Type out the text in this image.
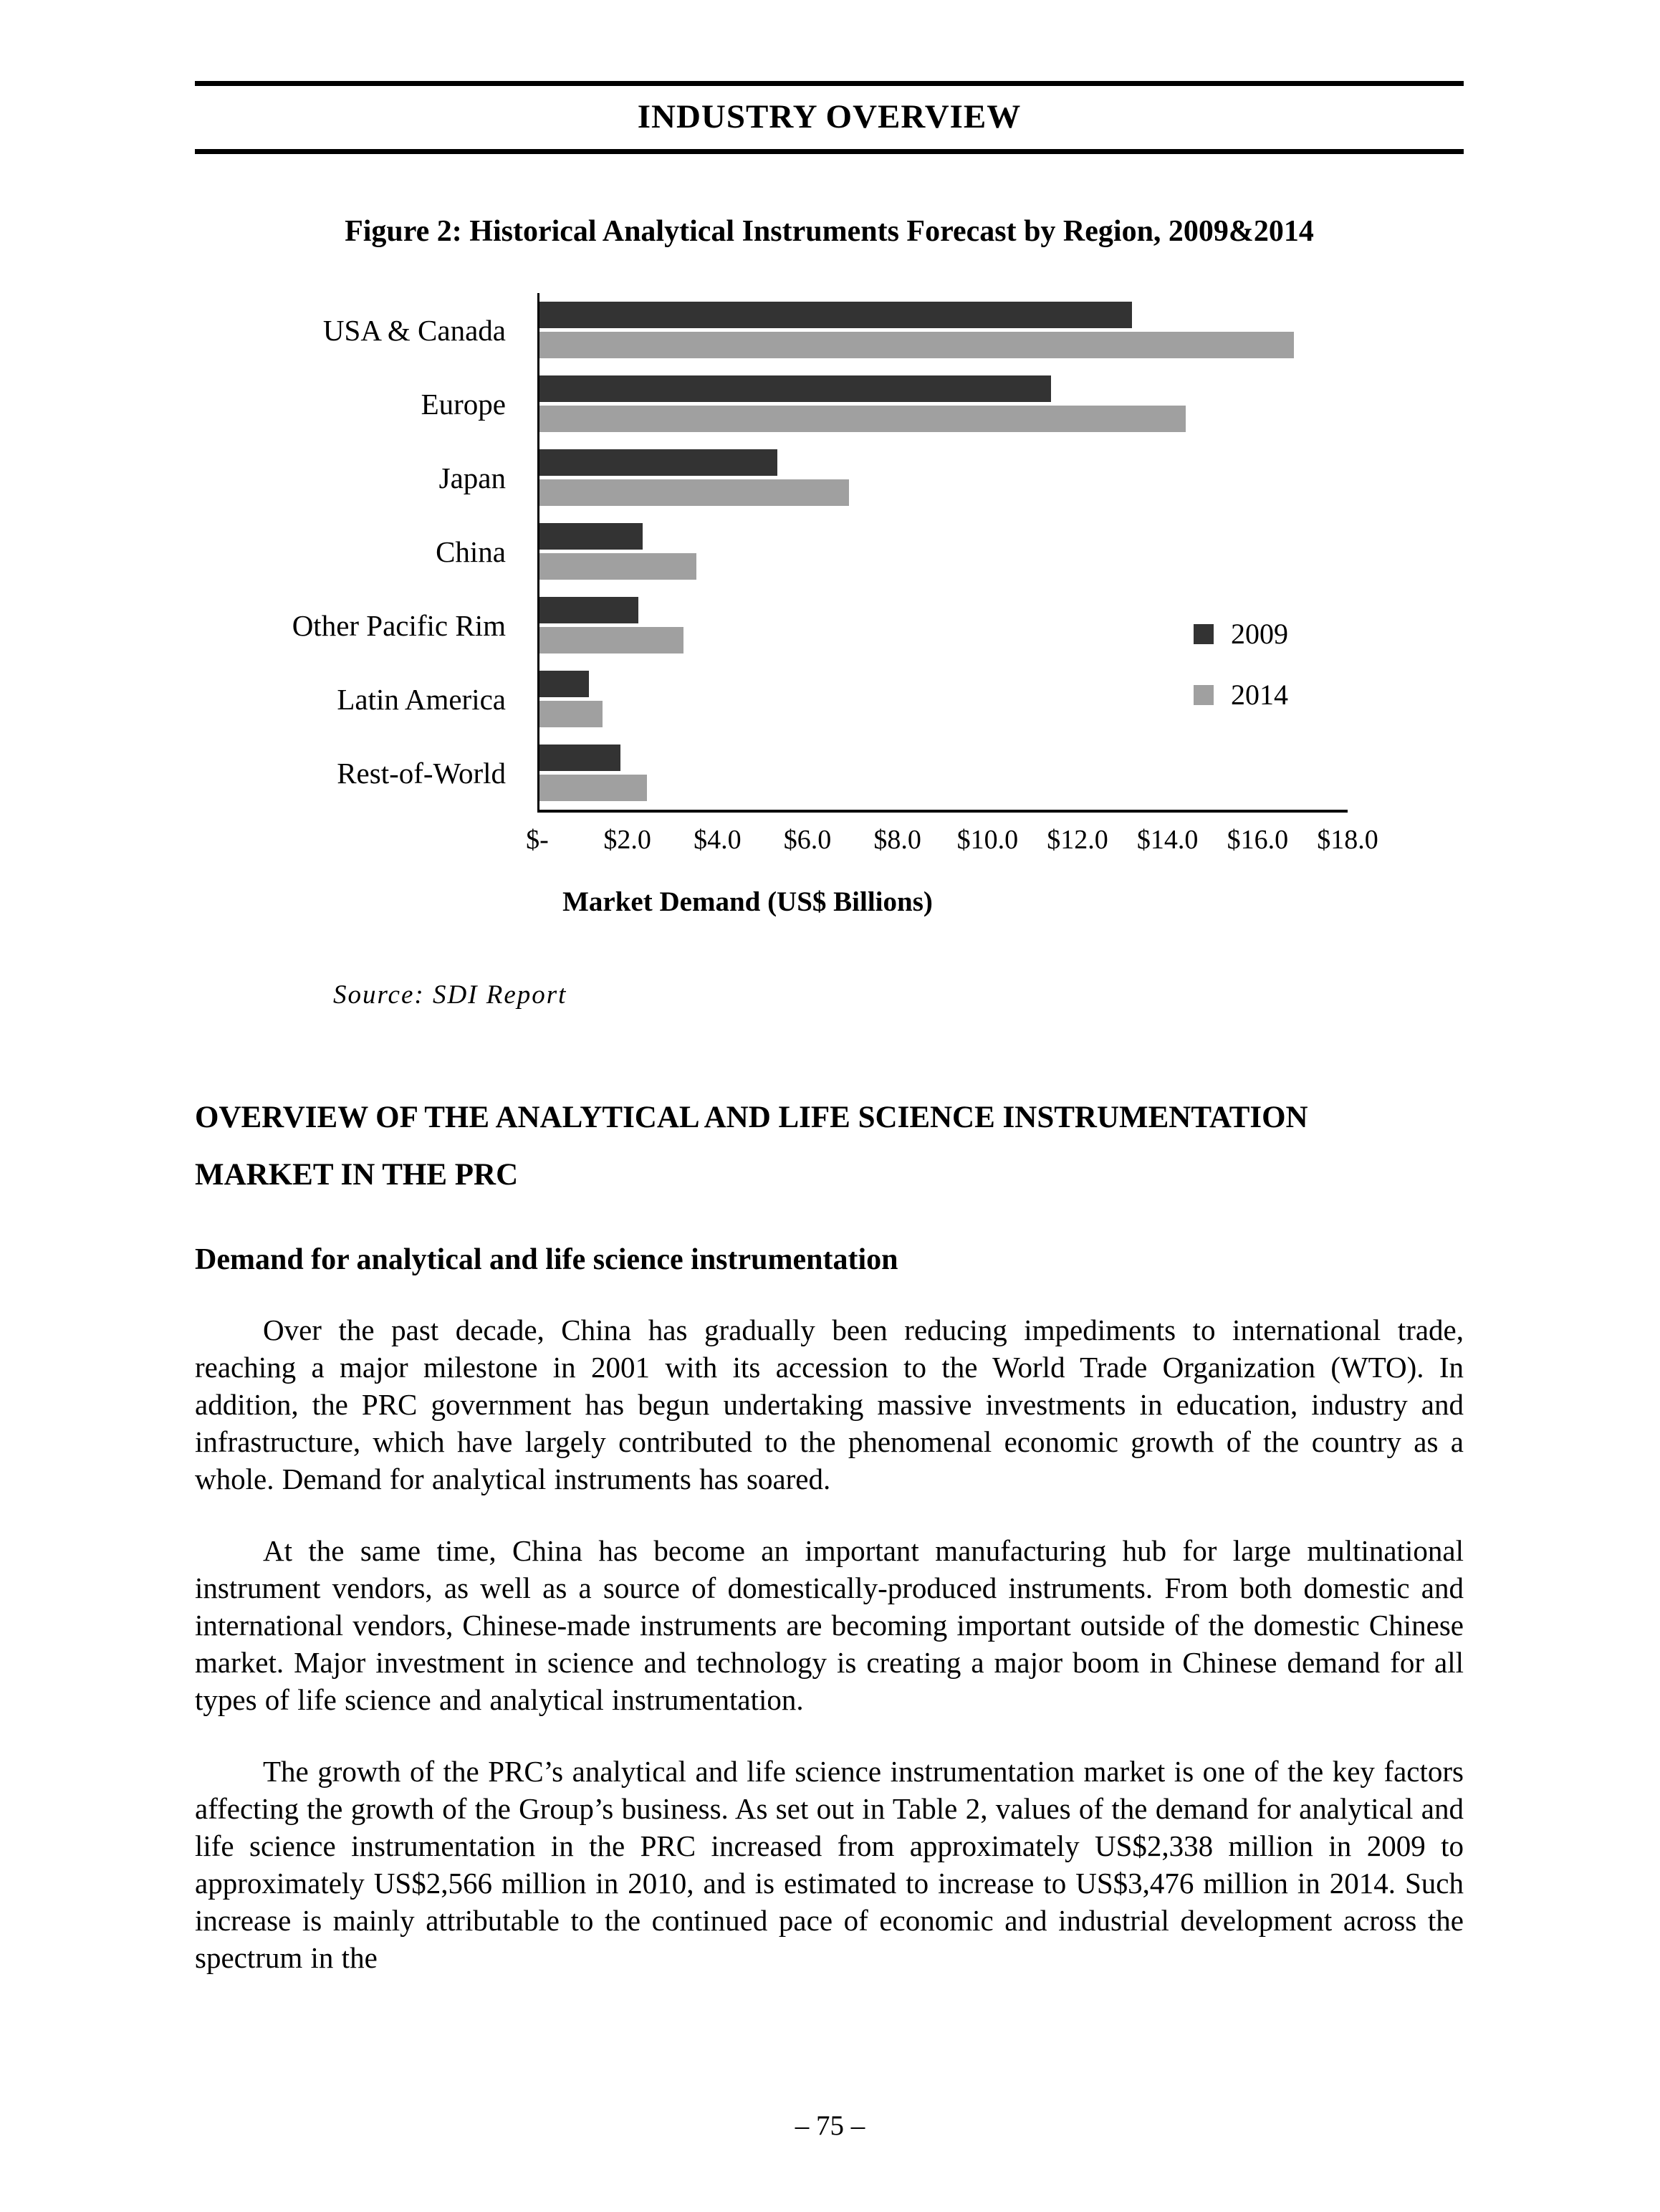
INDUSTRY OVERVIEW
Figure 2: Historical Analytical Instruments Forecast by Region, 2009&2014
USA & Canada
Europe
Japan
China
Other Pacific Rim
Latin America
Rest-of-World
$- $2.0 $4.0 $6.0 $8.0 $10.0 $12.0 $14.0 $16.0 $18.0
2009
2014
Market Demand (US$ Billions)
Source: SDI Report
OVERVIEW OF THE ANALYTICAL AND LIFE SCIENCE INSTRUMENTATION
MARKET IN THE PRC
Demand for analytical and life science instrumentation

Over the past decade, China has gradually been reducing impediments to international trade, reaching a major milestone in 2001 with its accession to the World Trade Organization (WTO). In addition, the PRC government has begun undertaking massive investments in education, industry and infrastructure, which have largely contributed to the phenomenal economic growth of the country as a whole. Demand for analytical instruments has soared.

At the same time, China has become an important manufacturing hub for large multinational instrument vendors, as well as a source of domestically-produced instruments. From both domestic and international vendors, Chinese-made instruments are becoming important outside of the domestic Chinese market. Major investment in science and technology is creating a major boom in Chinese demand for all types of life science and analytical instrumentation.

The growth of the PRC’s analytical and life science instrumentation market is one of the key factors affecting the growth of the Group’s business. As set out in Table 2, values of the demand for analytical and life science instrumentation in the PRC increased from approximately US$2,338 million in 2009 to approximately US$2,566 million in 2010, and is estimated to increase to US$3,476 million in 2014. Such increase is mainly attributable to the continued pace of economic and industrial development across the spectrum in the

– 75 –
